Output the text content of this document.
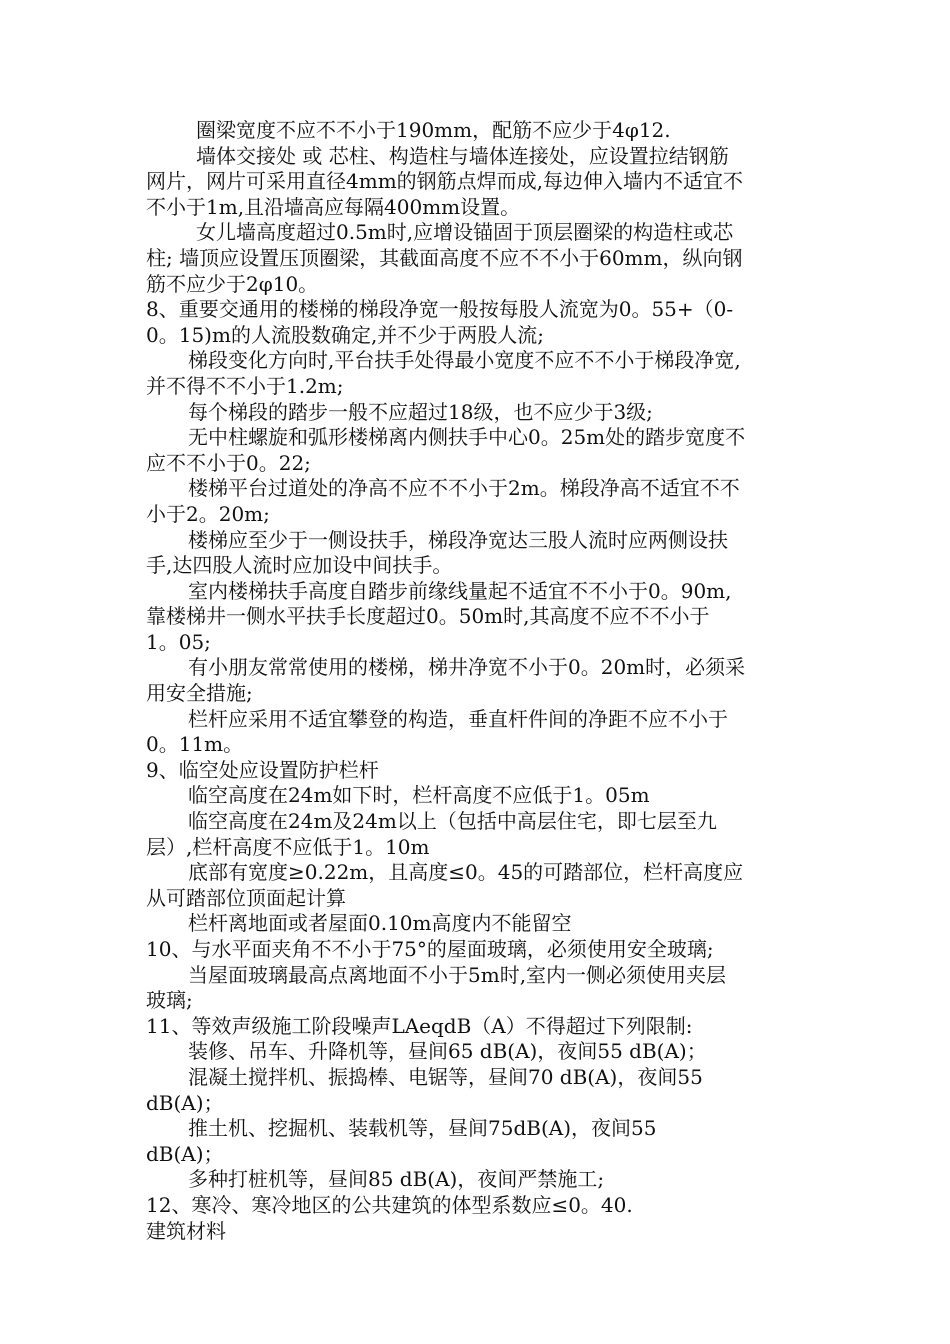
圈梁宽度不应不不小于190mm，配筋不应少于4φ12.
墙体交接处 或 芯柱、构造柱与墙体连接处，应设置拉结钢筋
网片，网片可采用直径4mm的钢筋点焊而成,每边伸入墙内不适宜不
不小于1m,且沿墙高应每隔400mm设置。
女儿墙高度超过0.5m时,应增设锚固于顶层圈梁的构造柱或芯
柱; 墙顶应设置压顶圈梁，其截面高度不应不不小于60mm，纵向钢
筋不应少于2φ10。
8、重要交通用的楼梯的梯段净宽一般按每股人流宽为0。55+（0-
0。15)m的人流股数确定,并不少于两股人流;
梯段变化方向时,平台扶手处得最小宽度不应不不小于梯段净宽,
并不得不不小于1.2m;
每个梯段的踏步一般不应超过18级，也不应少于3级;
无中柱螺旋和弧形楼梯离内侧扶手中心0。25m处的踏步宽度不
应不不小于0。22;
楼梯平台过道处的净高不应不不小于2m。梯段净高不适宜不不
小于2。20m;
楼梯应至少于一侧设扶手，梯段净宽达三股人流时应两侧设扶
手,达四股人流时应加设中间扶手。
室内楼梯扶手高度自踏步前缘线量起不适宜不不小于0。90m,
靠楼梯井一侧水平扶手长度超过0。50m时,其高度不应不不小于
1。05;
有小朋友常常使用的楼梯，梯井净宽不小于0。20m时，必须采
用安全措施;
栏杆应采用不适宜攀登的构造，垂直杆件间的净距不应不小于
0。11m。
9、临空处应设置防护栏杆
临空高度在24m如下时，栏杆高度不应低于1。05m
临空高度在24m及24m以上（包括中高层住宅，即七层至九
层）,栏杆高度不应低于1。10m
底部有宽度≥0.22m，且高度≤0。45的可踏部位，栏杆高度应
从可踏部位顶面起计算
栏杆离地面或者屋面0.10m高度内不能留空
10、与水平面夹角不不小于75°的屋面玻璃，必须使用安全玻璃;
当屋面玻璃最高点离地面不小于5m时,室内一侧必须使用夹层
玻璃;
11、等效声级施工阶段噪声LAeqdB（A）不得超过下列限制:
装修、吊车、升降机等，昼间65 dB(A)，夜间55 dB(A)；
混凝土搅拌机、振捣棒、电锯等，昼间70 dB(A)，夜间55
dB(A)；
推土机、挖掘机、装载机等，昼间75dB(A)，夜间55
dB(A)；
多种打桩机等，昼间85 dB(A)，夜间严禁施工;
12、寒冷、寒冷地区的公共建筑的体型系数应≤0。40.
建筑材料
